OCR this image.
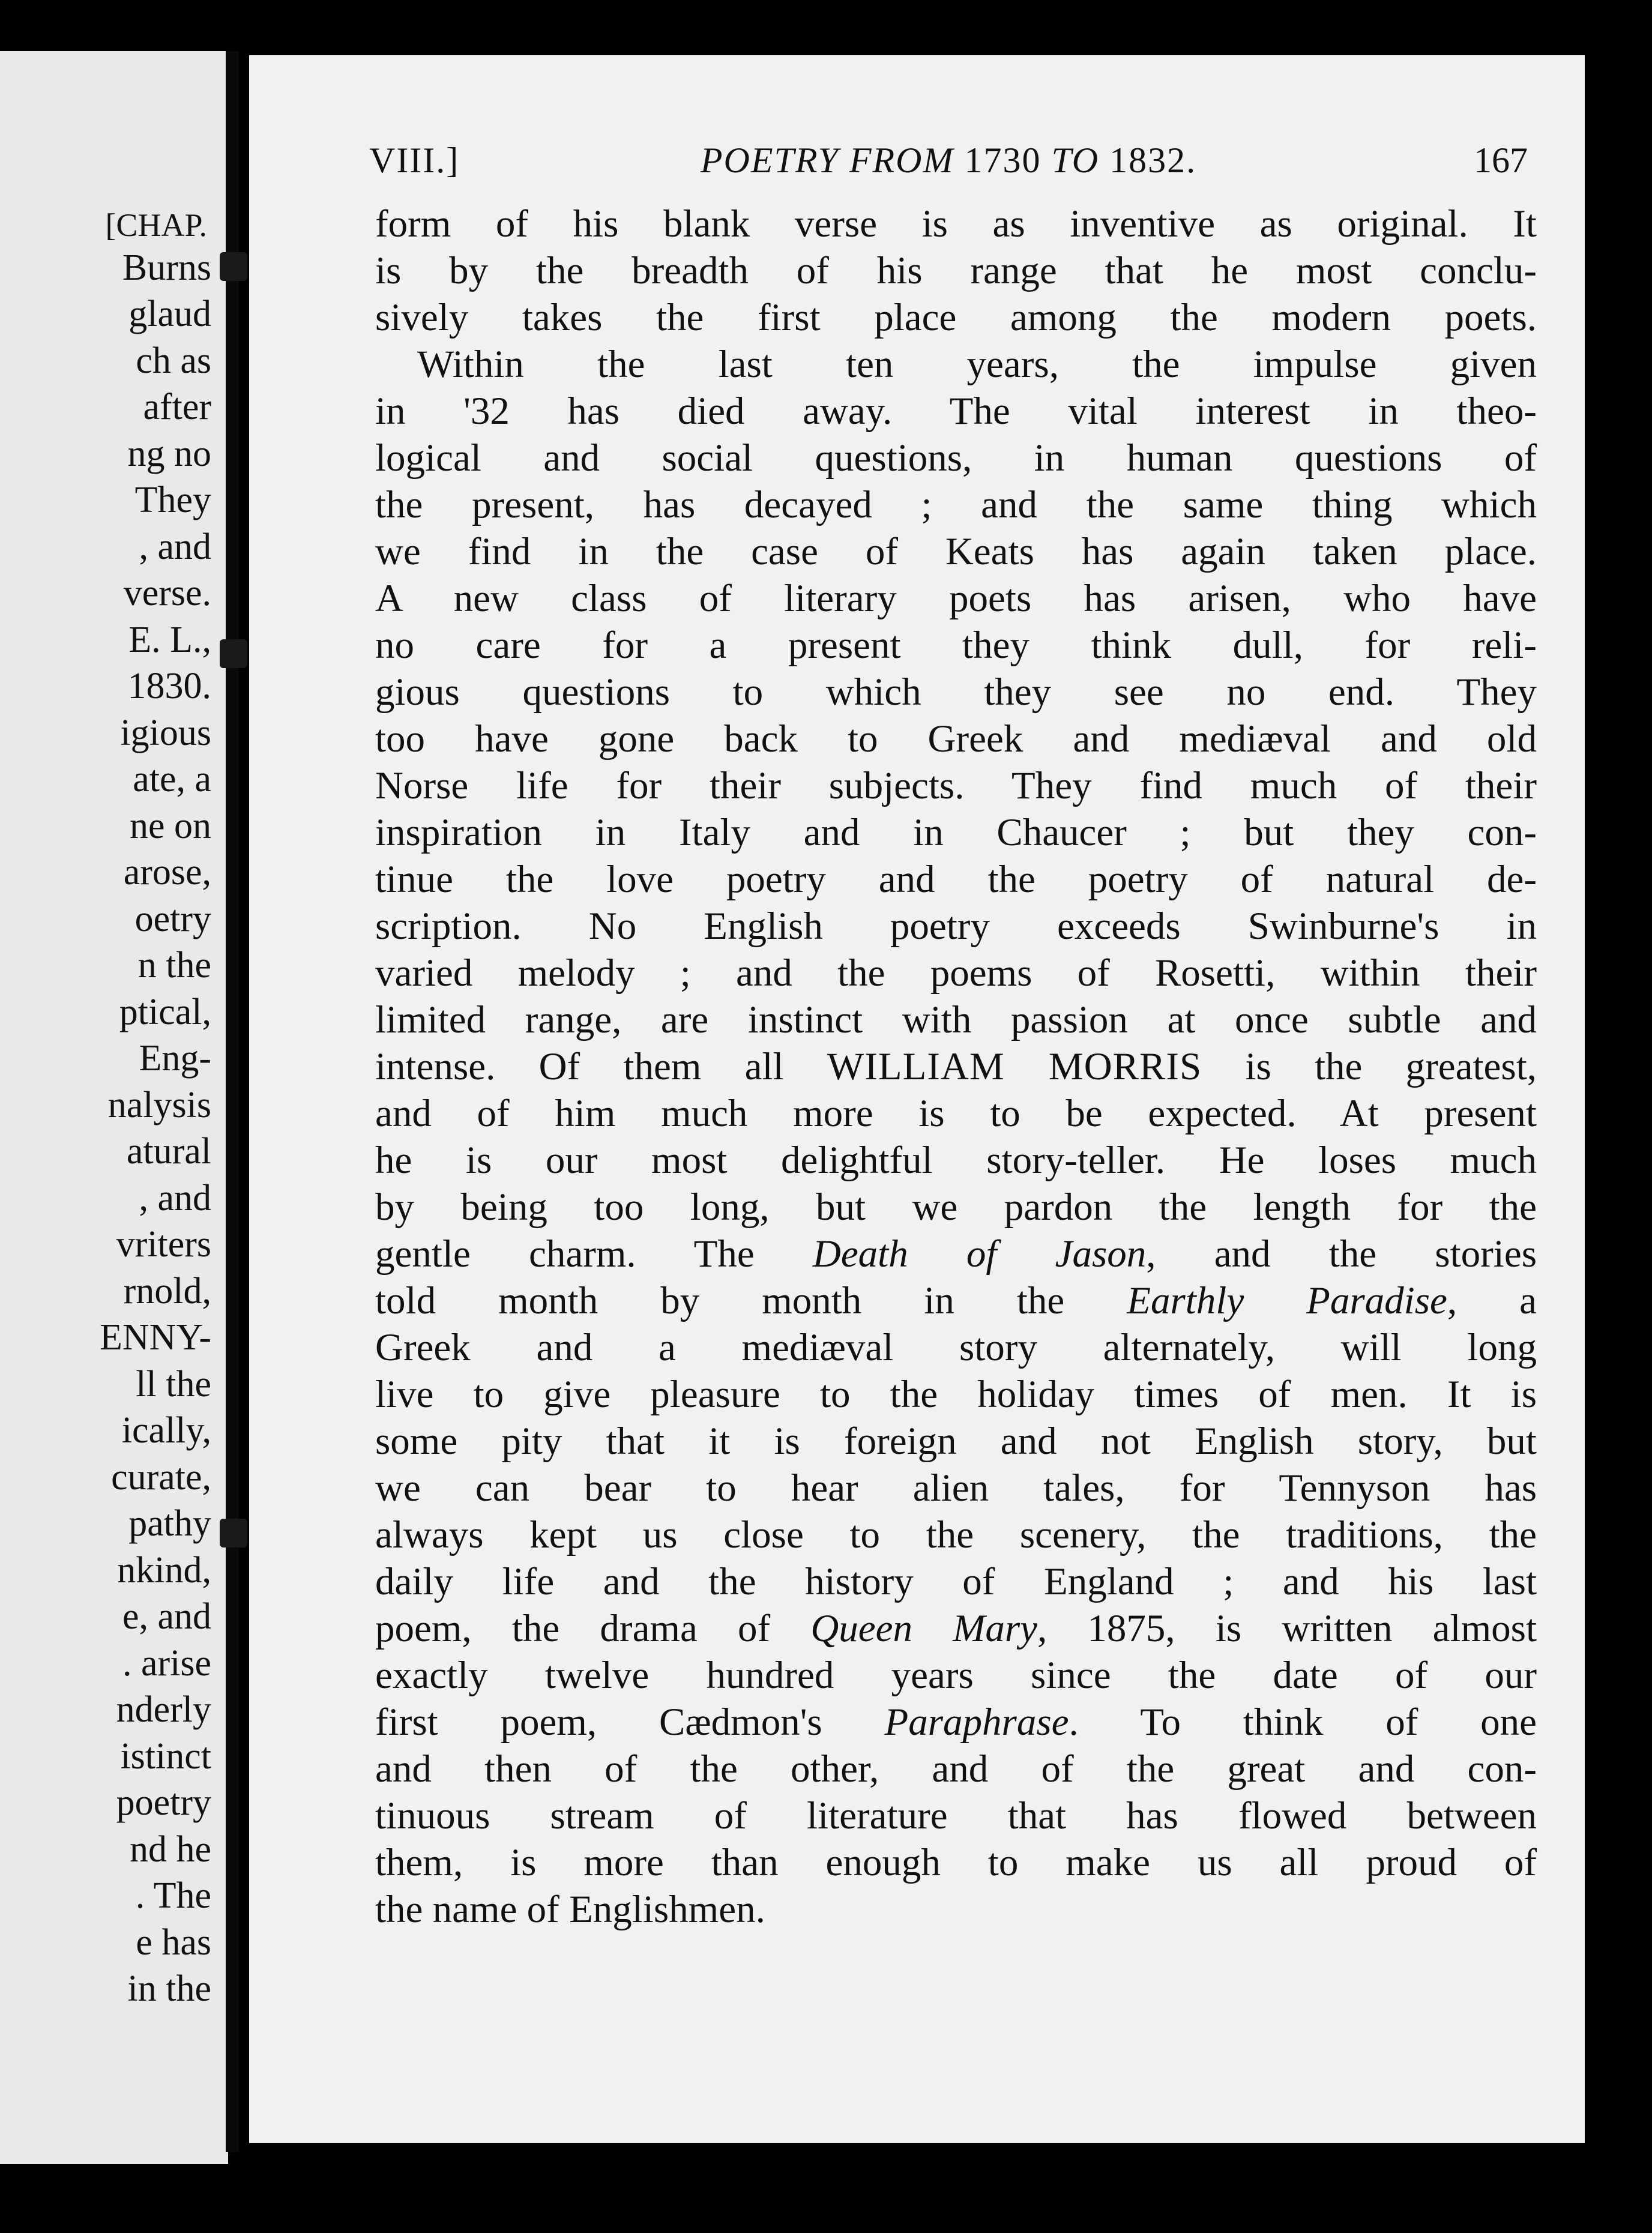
[CHAP.
Burns
glaud
ch as
after
ng no
They
, and
verse.
E. L.,
1830.
igious
ate, a
ne on
arose,
oetry
n the
ptical,
Eng-
nalysis
atural
, and
vriters
rnold,
ENNY-
ll the
ically,
curate,
pathy
nkind,
e, and
. arise
nderly
istinct
poetry
nd he
. The
e has
in the
VIII.]	POETRY FROM 1730 TO 1832.	167
form of his blank verse is as inventive as original. It
is by the breadth of his range that he most conclu-
sively takes the first place among the modern poets.
Within the last ten years, the impulse given
in '32 has died away. The vital interest in theo-
logical and social questions, in human questions of
the present, has decayed ; and the same thing which
we find in the case of Keats has again taken place.
A new class of literary poets has arisen, who have
no care for a present they think dull, for reli-
gious questions to which they see no end. They
too have gone back to Greek and mediæval and old
Norse life for their subjects. They find much of their
inspiration in Italy and in Chaucer ; but they con-
tinue the love poetry and the poetry of natural de-
scription. No English poetry exceeds Swinburne's in
varied melody ; and the poems of Rosetti, within their
limited range, are instinct with passion at once subtle and
intense. Of them all WILLIAM MORRIS is the greatest,
and of him much more is to be expected. At present
he is our most delightful story-teller. He loses much
by being too long, but we pardon the length for the
gentle charm. The Death of Jason, and the stories
told month by month in the Earthly Paradise, a
Greek and a mediæval story alternately, will long
live to give pleasure to the holiday times of men. It is
some pity that it is foreign and not English story, but
we can bear to hear alien tales, for Tennyson has
always kept us close to the scenery, the traditions, the
daily life and the history of England ; and his last
poem, the drama of Queen Mary, 1875, is written almost
exactly twelve hundred years since the date of our
first poem, Cædmon's Paraphrase. To think of one
and then of the other, and of the great and con-
tinuous stream of literature that has flowed between
them, is more than enough to make us all proud of
the name of Englishmen.
